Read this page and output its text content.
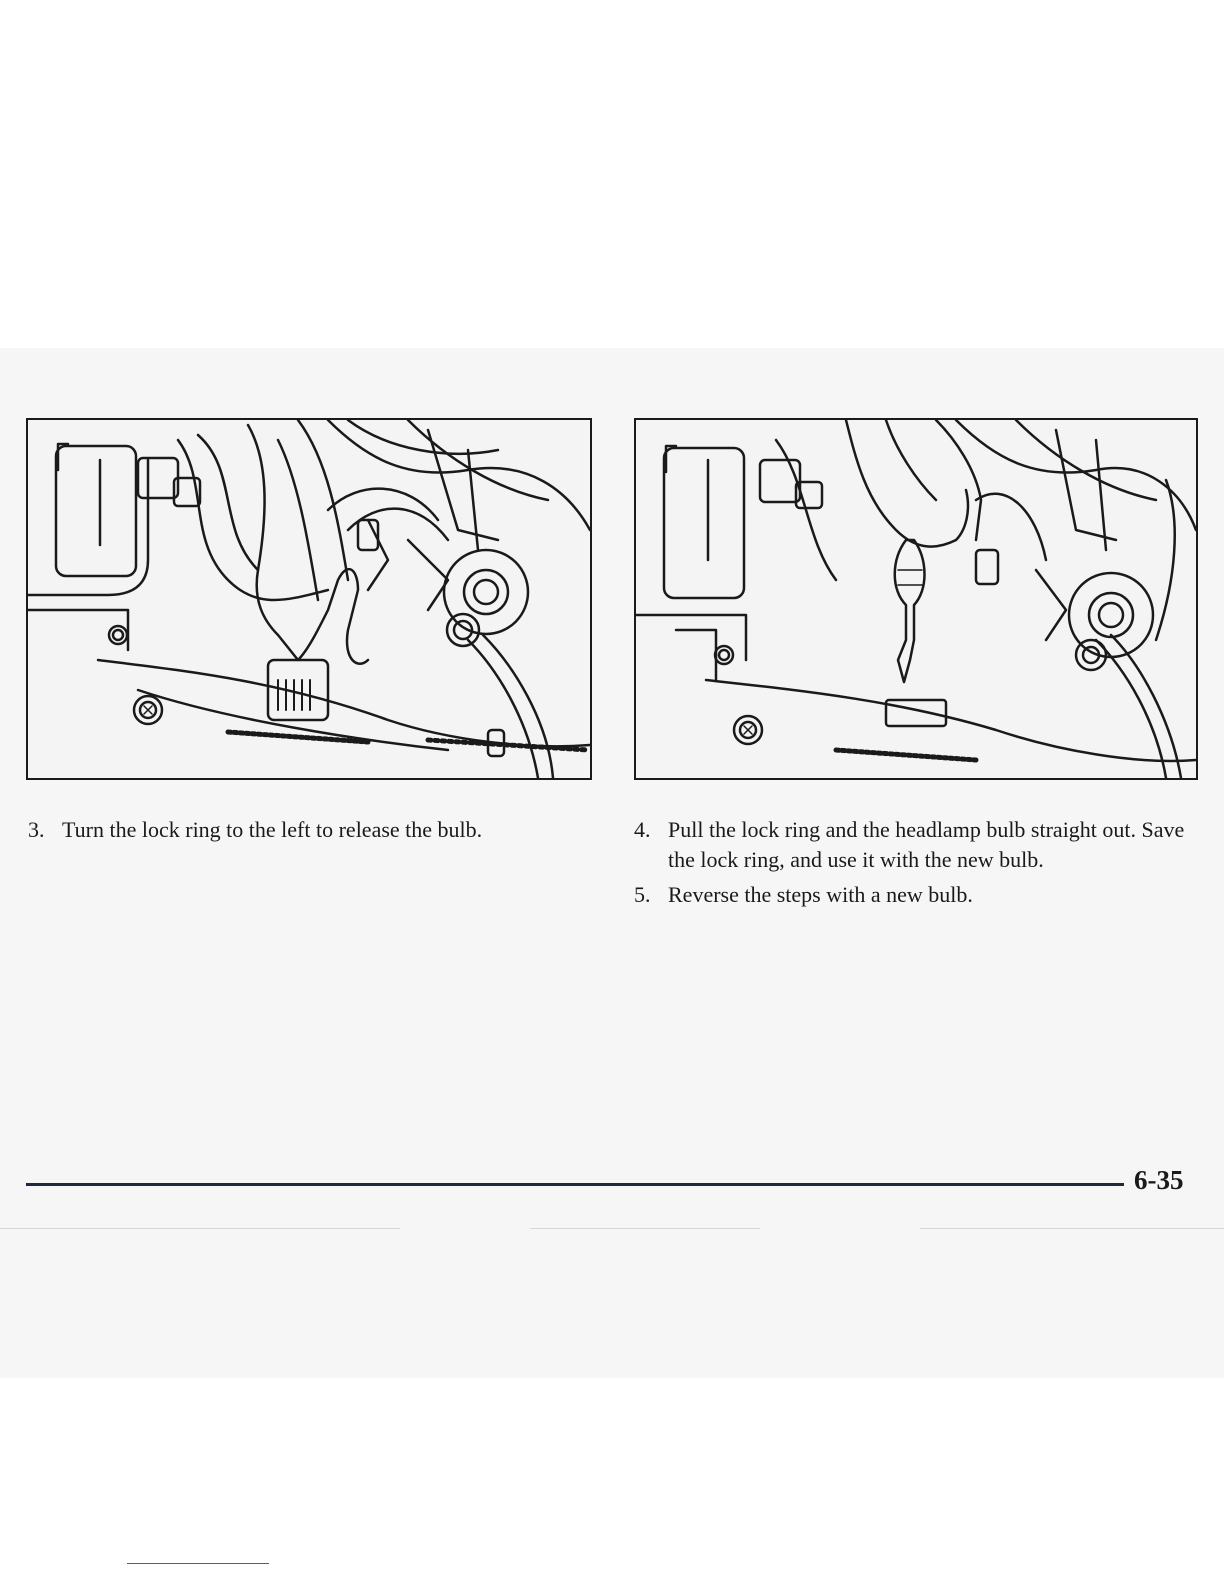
3. Turn the lock ring to the left to release the bulb.	4. Pull the lock ring and the headlamp bulb straight out. Save the lock ring, and use it with the new bulb.
5. Reverse the steps with a new bulb.
6-35
